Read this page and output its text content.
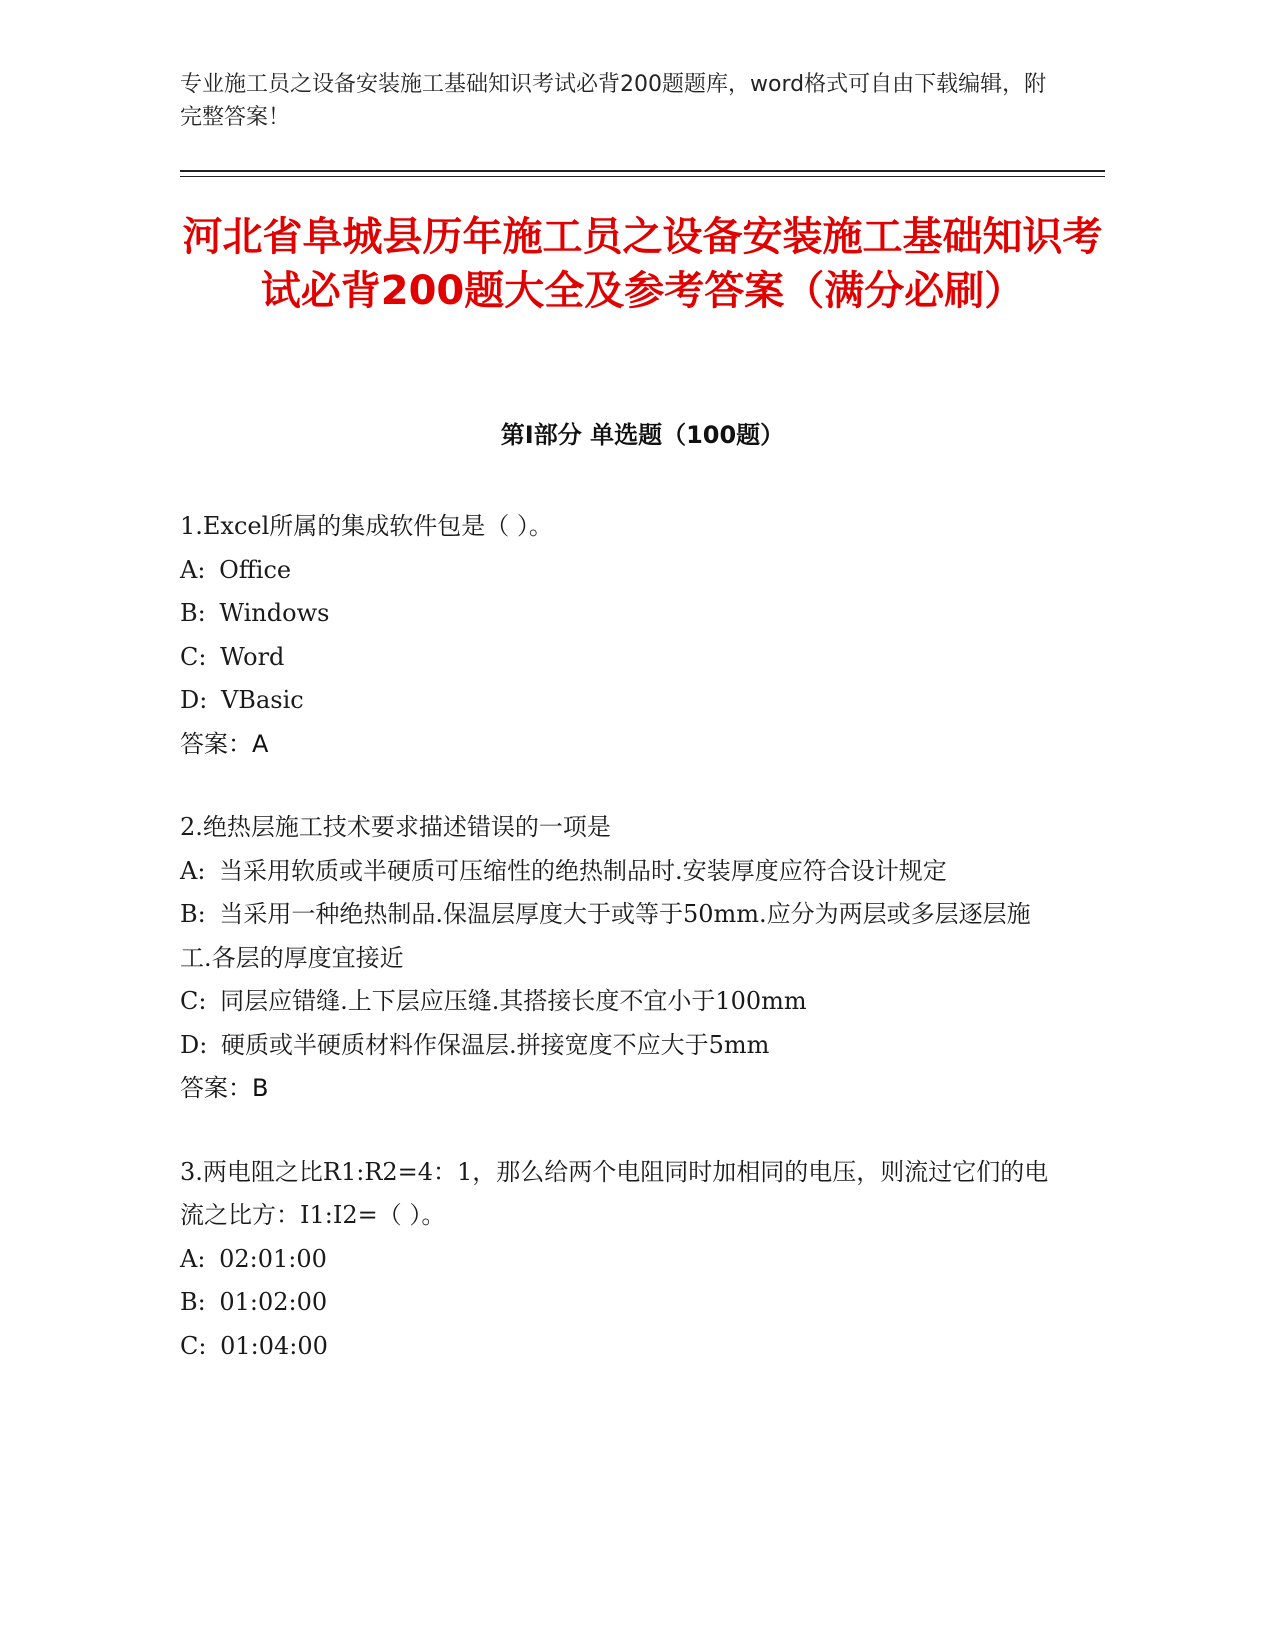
专业施工员之设备安装施工基础知识考试必背200题题库，word格式可自由下载编辑，附完整答案！
河北省阜城县历年施工员之设备安装施工基础知识考试必背200题大全及参考答案（满分必刷）
第Ⅰ部分 单选题（100题）
1.Excel所属的集成软件包是（ ）。
A: Office
B: Windows
C: Word
D: VBasic
答案：A
2.绝热层施工技术要求描述错误的一项是
A: 当采用软质或半硬质可压缩性的绝热制品时.安装厚度应符合设计规定
B: 当采用一种绝热制品.保温层厚度大于或等于50mm.应分为两层或多层逐层施工.各层的厚度宜接近
C: 同层应错缝.上下层应压缝.其搭接长度不宜小于100mm
D: 硬质或半硬质材料作保温层.拼接宽度不应大于5mm
答案：B
3.两电阻之比R1:R2=4：1，那么给两个电阻同时加相同的电压，则流过它们的电流之比方：I1:I2=（ ）。
A: 02:01:00
B: 01:02:00
C: 01:04:00
